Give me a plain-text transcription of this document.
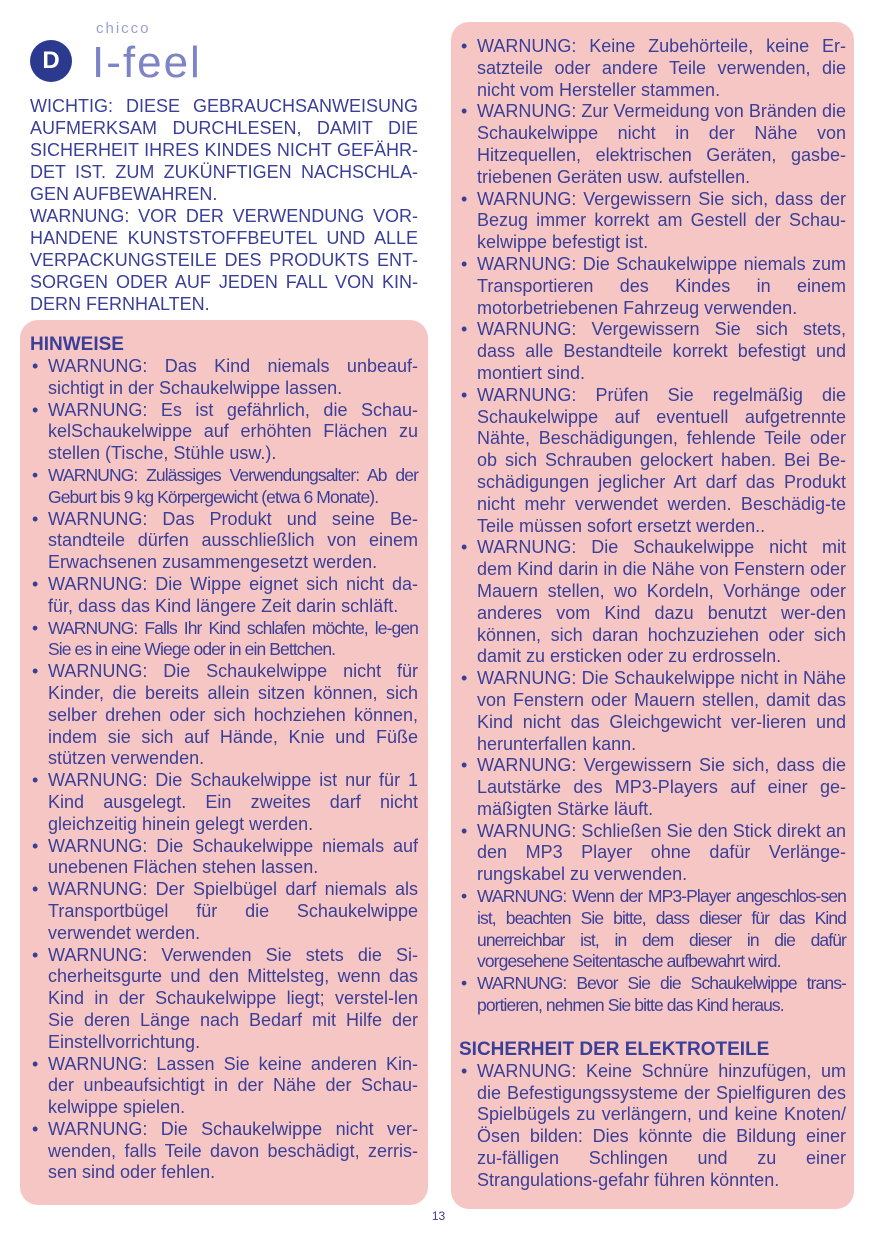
D
chicco
I-feel
WICHTIG: DIESE GEBRAUCHSANWEISUNG AUFMERKSAM DURCHLESEN, DAMIT DIE SICHERHEIT IHRES KINDES NICHT GEFÄHR-DET IST. ZUM ZUKÜNFTIGEN NACHSCHLA-GEN AUFBEWAHREN.
WARNUNG: VOR DER VERWENDUNG VOR-HANDENE KUNSTSTOFFBEUTEL UND ALLE VERPACKUNGSTEILE DES PRODUKTS ENT-SORGEN ODER AUF JEDEN FALL VON KIN-DERN FERNHALTEN.
HINWEISE
• WARNUNG: Das Kind niemals unbeauf-sichtigt in der Schaukelwippe lassen.
• WARNUNG: Es ist gefährlich, die Schau-kelSchaukelwippe auf erhöhten Flächen zu stellen (Tische, Stühle usw.).
• WARNUNG: Zulässiges Verwendungsalter: Ab der Geburt bis 9 kg Körpergewicht (etwa 6 Monate).
• WARNUNG: Das Produkt und seine Be-standteile dürfen ausschließlich von einem Erwachsenen zusammengesetzt werden.
• WARNUNG: Die Wippe eignet sich nicht da-für, dass das Kind längere Zeit darin schläft.
• WARNUNG: Falls Ihr Kind schlafen möchte, le-gen Sie es in eine Wiege oder in ein Bettchen.
• WARNUNG: Die Schaukelwippe nicht für Kinder, die bereits allein sitzen können, sich selber drehen oder sich hochziehen können, indem sie sich auf Hände, Knie und Füße stützen verwenden.
• WARNUNG: Die Schaukelwippe ist nur für 1 Kind ausgelegt. Ein zweites darf nicht gleichzeitig hinein gelegt werden.
• WARNUNG: Die Schaukelwippe niemals auf unebenen Flächen stehen lassen.
• WARNUNG: Der Spielbügel darf niemals als Transportbügel für die Schaukelwippe verwendet werden.
• WARNUNG: Verwenden Sie stets die Si-cherheitsgurte und den Mittelsteg, wenn das Kind in der Schaukelwippe liegt; verstel-len Sie deren Länge nach Bedarf mit Hilfe der Einstellvorrichtung.
• WARNUNG: Lassen Sie keine anderen Kin-der unbeaufsichtigt in der Nähe der Schau-kelwippe spielen.
• WARNUNG: Die Schaukelwippe nicht ver-wenden, falls Teile davon beschädigt, zerris-sen sind oder fehlen.
• WARNUNG: Keine Zubehörteile, keine Er-satzteile oder andere Teile verwenden, die nicht vom Hersteller stammen.
• WARNUNG: Zur Vermeidung von Bränden die Schaukelwippe nicht in der Nähe von Hitzequellen, elektrischen Geräten, gasbe-triebenen Geräten usw. aufstellen.
• WARNUNG: Vergewissern Sie sich, dass der Bezug immer korrekt am Gestell der Schau-kelwippe befestigt ist.
• WARNUNG: Die Schaukelwippe niemals zum Transportieren des Kindes in einem motorbetriebenen Fahrzeug verwenden.
• WARNUNG: Vergewissern Sie sich stets, dass alle Bestandteile korrekt befestigt und montiert sind.
• WARNUNG: Prüfen Sie regelmäßig die Schaukelwippe auf eventuell aufgetrennte Nähte, Beschädigungen, fehlende Teile oder ob sich Schrauben gelockert haben. Bei Be-schädigungen jeglicher Art darf das Produkt nicht mehr verwendet werden. Beschädig-te Teile müssen sofort ersetzt werden..
• WARNUNG: Die Schaukelwippe nicht mit dem Kind darin in die Nähe von Fenstern oder Mauern stellen, wo Kordeln, Vorhänge oder anderes vom Kind dazu benutzt wer-den können, sich daran hochzuziehen oder sich damit zu ersticken oder zu erdrosseln.
• WARNUNG: Die Schaukelwippe nicht in Nähe von Fenstern oder Mauern stellen, damit das Kind nicht das Gleichgewicht ver-lieren und herunterfallen kann.
• WARNUNG: Vergewissern Sie sich, dass die Lautstärke des MP3-Players auf einer ge-mäßigten Stärke läuft.
• WARNUNG: Schließen Sie den Stick direkt an den MP3 Player ohne dafür Verlänge-rungskabel zu verwenden.
• WARNUNG: Wenn der MP3-Player angeschlos-sen ist, beachten Sie bitte, dass dieser für das Kind unerreichbar ist, in dem dieser in die dafür vorgesehene Seitentasche aufbewahrt wird.
• WARNUNG: Bevor Sie die Schaukelwippe trans-portieren, nehmen Sie bitte das Kind heraus.
SICHERHEIT DER ELEKTROTEILE
• WARNUNG: Keine Schnüre hinzufügen, um die Befestigungssysteme der Spielfiguren des Spielbügels zu verlängern, und keine Knoten/Ösen bilden: Dies könnte die Bildung einer zu-fälligen Schlingen und zu einer Strangulations-gefahr führen könnten.
13
